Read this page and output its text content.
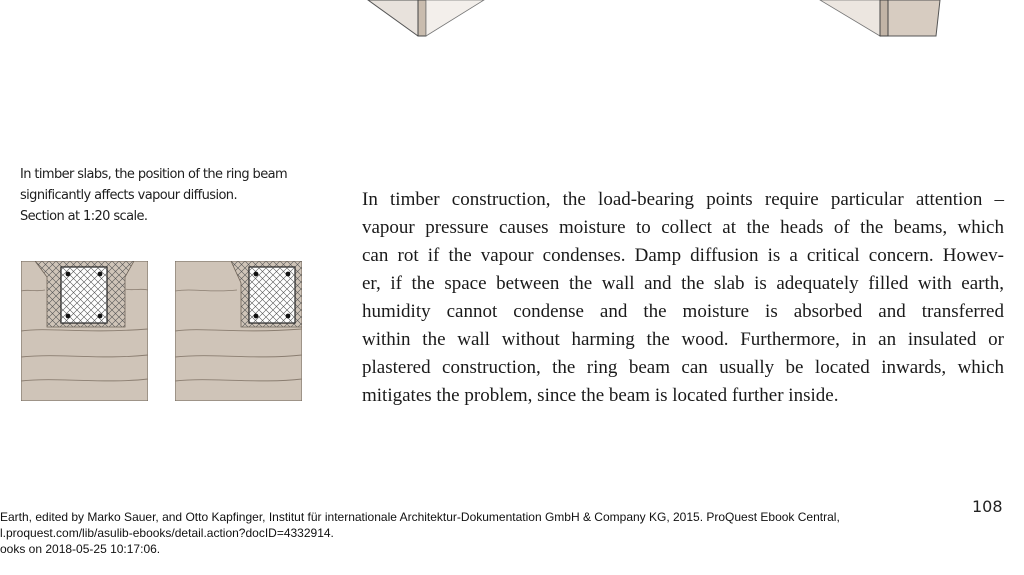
In timber slabs, the position of the ring beam
significantly affects vapour diffusion.
Section at 1:20 scale.
In timber construction, the load-bearing points require particular attention –
vapour pressure causes moisture to collect at the heads of the beams, which
can rot if the vapour condenses. Damp diffusion is a critical concern. Howev-
er, if the space between the wall and the slab is adequately filled with earth,
humidity cannot condense and the moisture is absorbed and transferred
within the wall without harming the wood. Furthermore, in an insulated or
plastered construction, the ring beam can usually be located inwards, which
mitigates the problem, since the beam is located further inside.
108
Earth, edited by Marko Sauer, and Otto Kapfinger, Institut für internationale Architektur-Dokumentation GmbH & Company KG, 2015. ProQuest Ebook Central,
l.proquest.com/lib/asulib-ebooks/detail.action?docID=4332914.
ooks on 2018-05-25 10:17:06.
